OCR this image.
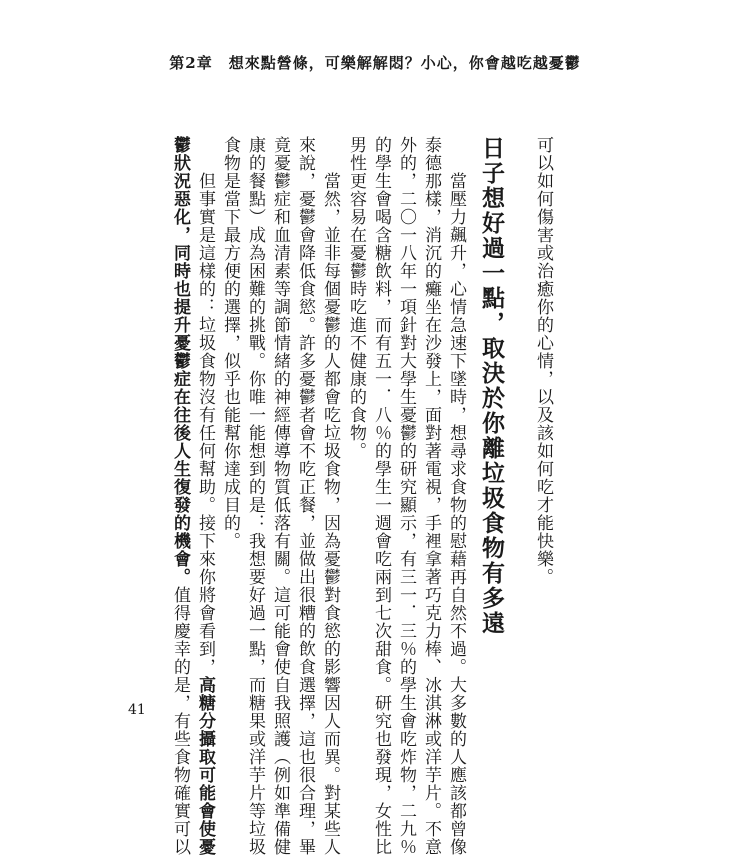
第2章　想來點營條，可樂解解悶？小心，你會越吃越憂鬱
可以如何傷害或治癒你的心情，以及該如何吃才能快樂。
日子想好過一點，取決於你離垃圾食物有多遠
　　當壓力飆升，心情急速下墜時，想尋求食物的慰藉再自然不過。大多數的人應該都曾像
泰德那樣，消沉的癱坐在沙發上，面對著電視，手裡拿著巧克力棒、冰淇淋或洋芋片。不意
外的，二〇一八年一項針對大學生憂鬱的研究顯示，有三一．三％的學生會吃炸物，二九％
的學生會喝含糖飲料，而有五一．八％的學生一週會吃兩到七次甜食。研究也發現，女性比
男性更容易在憂鬱時吃進不健康的食物。
　　當然，並非每個憂鬱的人都會吃垃圾食物，因為憂鬱對食慾的影響因人而異。對某些人
來說，憂鬱會降低食慾。許多憂鬱者會不吃正餐，並做出很糟的飲食選擇，這也很合理，畢
竟憂鬱症和血清素等調節情緒的神經傳導物質低落有關。這可能會使自我照護（例如準備健
康的餐點）成為困難的挑戰。你唯一能想到的是：我想要好過一點，而糖果或洋芋片等垃圾
食物是當下最方便的選擇，似乎也能幫你達成目的。
　　但事實是這樣的：垃圾食物沒有任何幫助。接下來你將會看到，高糖分攝取可能會使憂
鬱狀況惡化，同時也提升憂鬱症在往後人生復發的機會。值得慶幸的是，有些食物確實可以
41
